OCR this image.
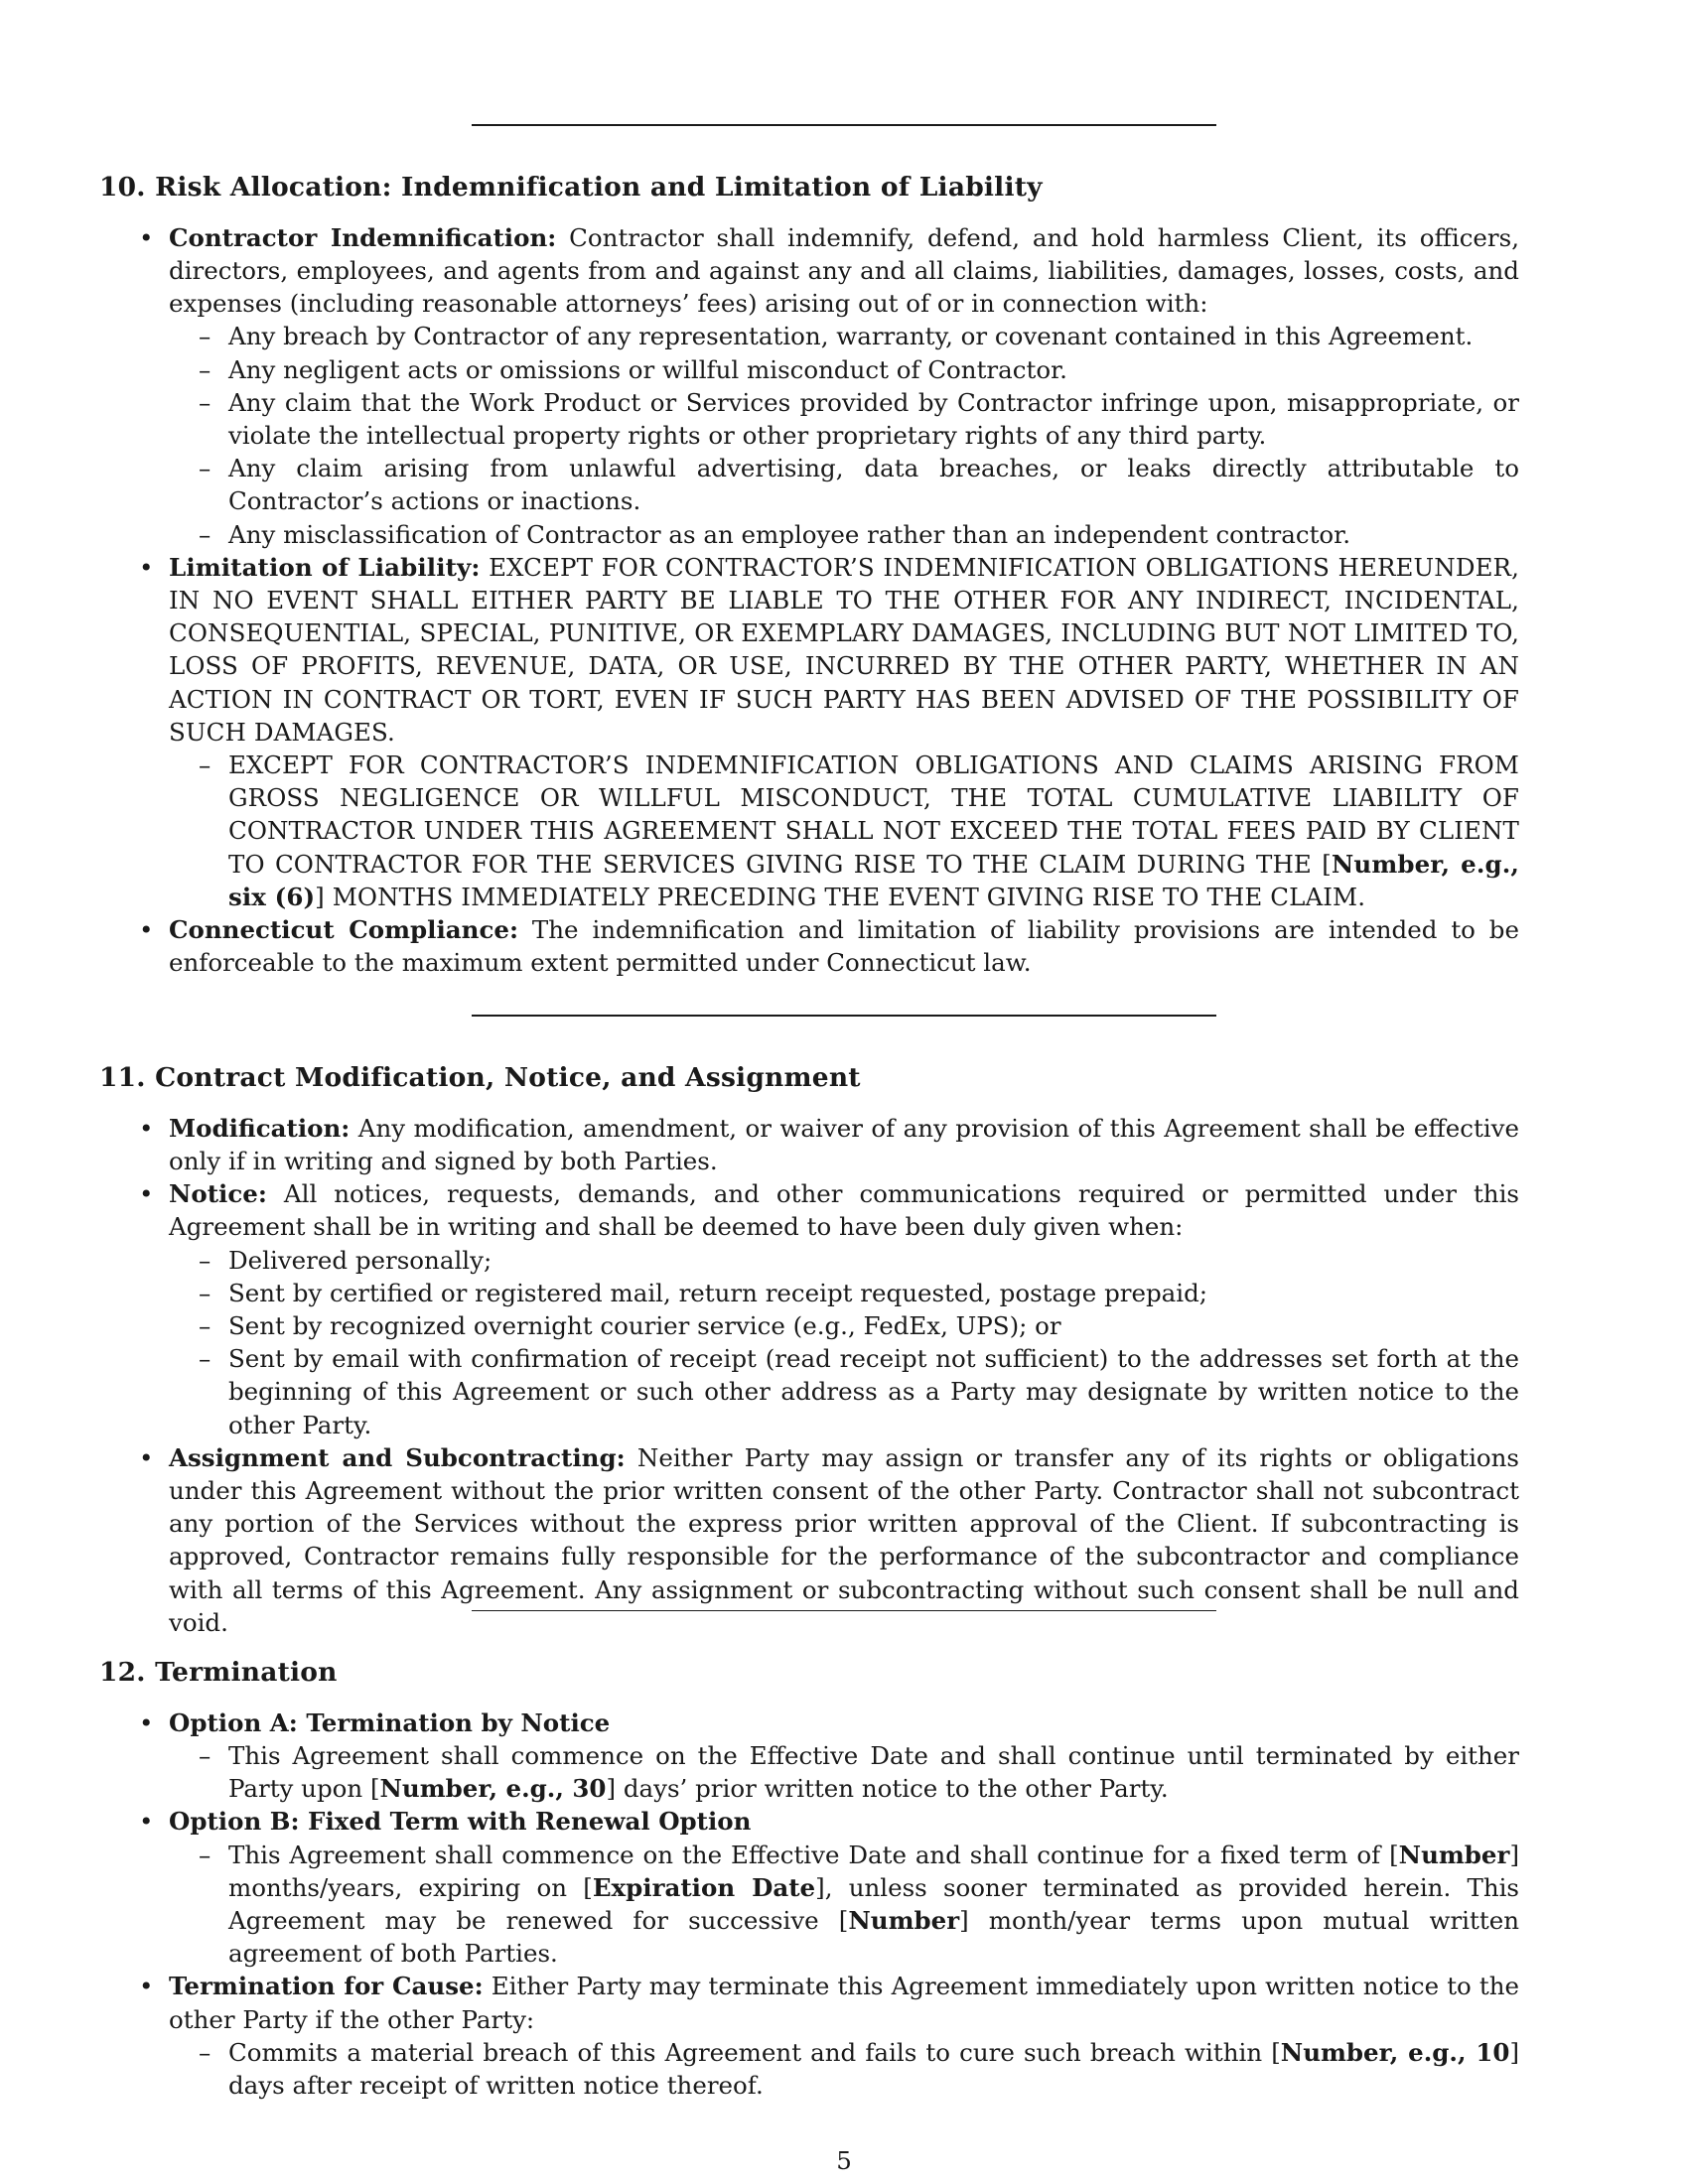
10. Risk Allocation: Indemnification and Limitation of Liability
• Contractor Indemnification: Contractor shall indemnify, defend, and hold harmless Client, its officers, directors, employees, and agents from and against any and all claims, liabilities, damages, losses, costs, and expenses (including reasonable attorneys’ fees) arising out of or in connection with:
– Any breach by Contractor of any representation, warranty, or covenant contained in this Agreement.
– Any negligent acts or omissions or willful misconduct of Contractor.
– Any claim that the Work Product or Services provided by Contractor infringe upon, misappropriate, or violate the intellectual property rights or other proprietary rights of any third party.
– Any claim arising from unlawful advertising, data breaches, or leaks directly attributable to Contractor’s actions or inactions.
– Any misclassification of Contractor as an employee rather than an independent contractor.
• Limitation of Liability: EXCEPT FOR CONTRACTOR’S INDEMNIFICATION OBLIGATIONS HEREUNDER, IN NO EVENT SHALL EITHER PARTY BE LIABLE TO THE OTHER FOR ANY INDIRECT, INCIDENTAL, CONSEQUENTIAL, SPECIAL, PUNITIVE, OR EXEMPLARY DAMAGES, INCLUDING BUT NOT LIMITED TO, LOSS OF PROFITS, REVENUE, DATA, OR USE, INCURRED BY THE OTHER PARTY, WHETHER IN AN ACTION IN CONTRACT OR TORT, EVEN IF SUCH PARTY HAS BEEN ADVISED OF THE POSSIBILITY OF SUCH DAMAGES.
– EXCEPT FOR CONTRACTOR’S INDEMNIFICATION OBLIGATIONS AND CLAIMS ARISING FROM GROSS NEGLIGENCE OR WILLFUL MISCONDUCT, THE TOTAL CUMULATIVE LIABILITY OF CONTRACTOR UNDER THIS AGREEMENT SHALL NOT EXCEED THE TOTAL FEES PAID BY CLIENT TO CONTRACTOR FOR THE SERVICES GIVING RISE TO THE CLAIM DURING THE [Number, e.g., six (6)] MONTHS IMMEDIATELY PRECEDING THE EVENT GIVING RISE TO THE CLAIM.
• Connecticut Compliance: The indemnification and limitation of liability provisions are intended to be enforceable to the maximum extent permitted under Connecticut law.
11. Contract Modification, Notice, and Assignment
• Modification: Any modification, amendment, or waiver of any provision of this Agreement shall be effective only if in writing and signed by both Parties.
• Notice: All notices, requests, demands, and other communications required or permitted under this Agreement shall be in writing and shall be deemed to have been duly given when:
– Delivered personally;
– Sent by certified or registered mail, return receipt requested, postage prepaid;
– Sent by recognized overnight courier service (e.g., FedEx, UPS); or
– Sent by email with confirmation of receipt (read receipt not sufficient) to the addresses set forth at the beginning of this Agreement or such other address as a Party may designate by written notice to the other Party.
• Assignment and Subcontracting: Neither Party may assign or transfer any of its rights or obligations under this Agreement without the prior written consent of the other Party. Contractor shall not subcontract any portion of the Services without the express prior written approval of the Client. If subcontracting is approved, Contractor remains fully responsible for the performance of the subcontractor and compliance with all terms of this Agreement. Any assignment or subcontracting without such consent shall be null and void.
12. Termination
• Option A: Termination by Notice
– This Agreement shall commence on the Effective Date and shall continue until terminated by either Party upon [Number, e.g., 30] days’ prior written notice to the other Party.
• Option B: Fixed Term with Renewal Option
– This Agreement shall commence on the Effective Date and shall continue for a fixed term of [Number] months/years, expiring on [Expiration Date], unless sooner terminated as provided herein. This Agreement may be renewed for successive [Number] month/year terms upon mutual written agreement of both Parties.
• Termination for Cause: Either Party may terminate this Agreement immediately upon written notice to the other Party if the other Party:
– Commits a material breach of this Agreement and fails to cure such breach within [Number, e.g., 10] days after receipt of written notice thereof.
5
